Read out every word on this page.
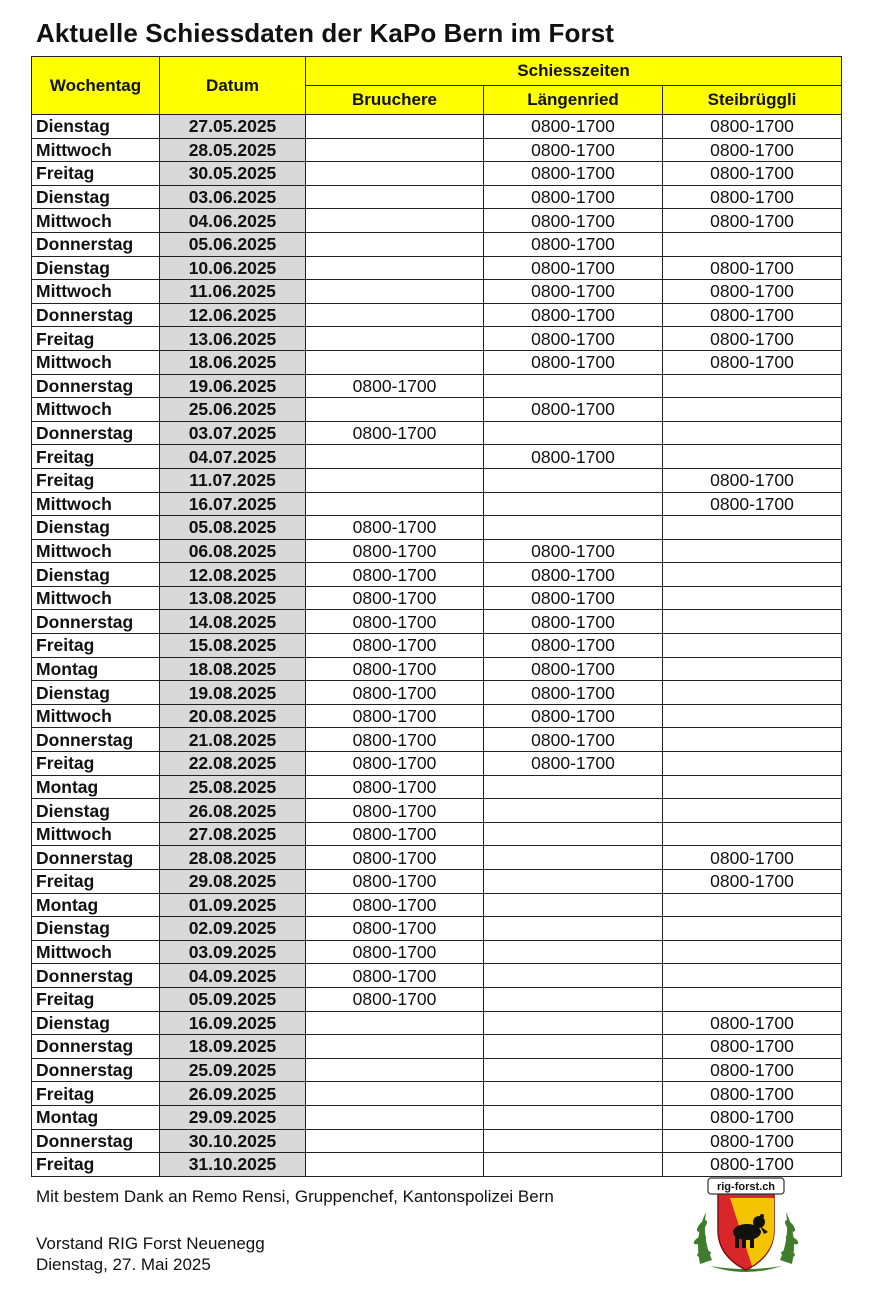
Aktuelle Schiessdaten der KaPo Bern im Forst
Wochentag	Datum	Schiesszeiten		
		Bruuchere	Längenried	Steibrüggli
Dienstag	27.05.2025		0800-1700	0800-1700
Mittwoch	28.05.2025		0800-1700	0800-1700
Freitag	30.05.2025		0800-1700	0800-1700
Dienstag	03.06.2025		0800-1700	0800-1700
Mittwoch	04.06.2025		0800-1700	0800-1700
Donnerstag	05.06.2025		0800-1700	
Dienstag	10.06.2025		0800-1700	0800-1700
Mittwoch	11.06.2025		0800-1700	0800-1700
Donnerstag	12.06.2025		0800-1700	0800-1700
Freitag	13.06.2025		0800-1700	0800-1700
Mittwoch	18.06.2025		0800-1700	0800-1700
Donnerstag	19.06.2025	0800-1700		
Mittwoch	25.06.2025		0800-1700	
Donnerstag	03.07.2025	0800-1700		
Freitag	04.07.2025		0800-1700	
Freitag	11.07.2025			0800-1700
Mittwoch	16.07.2025			0800-1700
Dienstag	05.08.2025	0800-1700		
Mittwoch	06.08.2025	0800-1700	0800-1700	
Dienstag	12.08.2025	0800-1700	0800-1700	
Mittwoch	13.08.2025	0800-1700	0800-1700	
Donnerstag	14.08.2025	0800-1700	0800-1700	
Freitag	15.08.2025	0800-1700	0800-1700	
Montag	18.08.2025	0800-1700	0800-1700	
Dienstag	19.08.2025	0800-1700	0800-1700	
Mittwoch	20.08.2025	0800-1700	0800-1700	
Donnerstag	21.08.2025	0800-1700	0800-1700	
Freitag	22.08.2025	0800-1700	0800-1700	
Montag	25.08.2025	0800-1700		
Dienstag	26.08.2025	0800-1700		
Mittwoch	27.08.2025	0800-1700		
Donnerstag	28.08.2025	0800-1700		0800-1700
Freitag	29.08.2025	0800-1700		0800-1700
Montag	01.09.2025	0800-1700		
Dienstag	02.09.2025	0800-1700		
Mittwoch	03.09.2025	0800-1700		
Donnerstag	04.09.2025	0800-1700		
Freitag	05.09.2025	0800-1700		
Dienstag	16.09.2025			0800-1700
Donnerstag	18.09.2025			0800-1700
Donnerstag	25.09.2025			0800-1700
Freitag	26.09.2025			0800-1700
Montag	29.09.2025			0800-1700
Donnerstag	30.10.2025			0800-1700
Freitag	31.10.2025			0800-1700
Mit bestem Dank an Remo Rensi, Gruppenchef, Kantonspolizei Bern
Vorstand RIG Forst Neuenegg
Dienstag, 27. Mai 2025
rig-forst.ch
